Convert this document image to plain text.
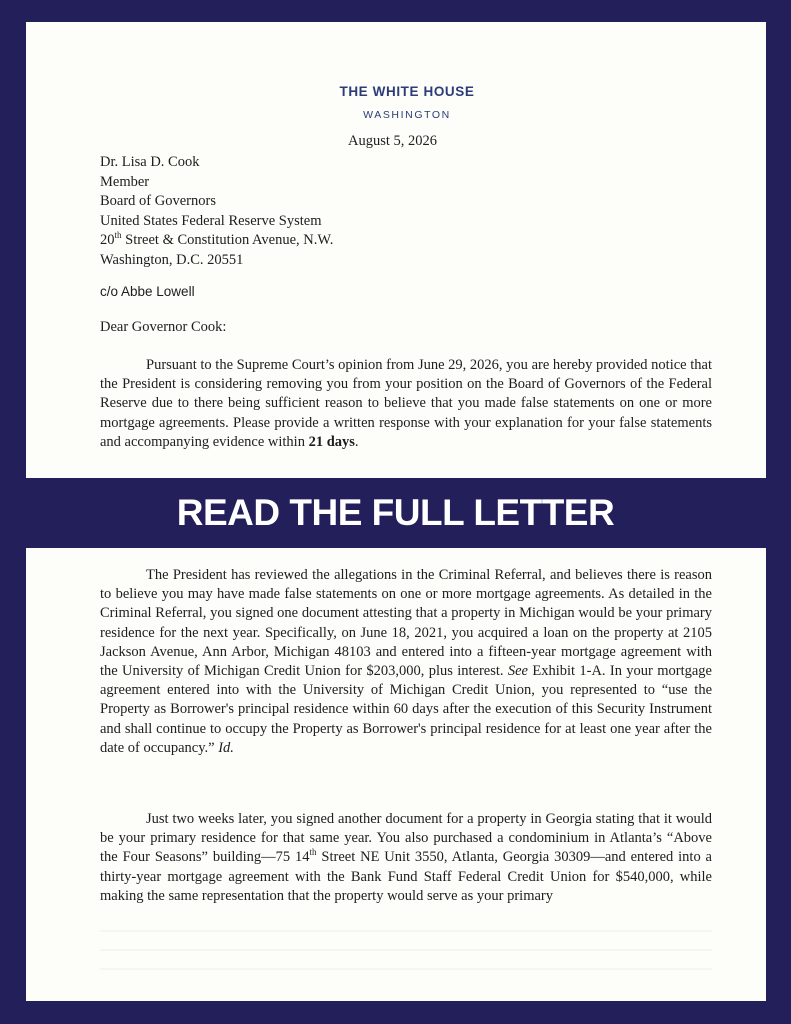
THE WHITE HOUSE
WASHINGTON
August 5, 2026
Dr. Lisa D. Cook
Member
Board of Governors
United States Federal Reserve System
20th Street & Constitution Avenue, N.W.
Washington, D.C. 20551
c/o Abbe Lowell
Dear Governor Cook:
Pursuant to the Supreme Court’s opinion from June 29, 2026, you are hereby provided notice that the President is considering removing you from your position on the Board of Governors of the Federal Reserve due to there being sufficient reason to believe that you made false statements on one or more mortgage agreements. Please provide a written response with your explanation for your false statements and accompanying evidence within 21 days.
READ THE FULL LETTER
The President has reviewed the allegations in the Criminal Referral, and believes there is reason to believe you may have made false statements on one or more mortgage agreements. As detailed in the Criminal Referral, you signed one document attesting that a property in Michigan would be your primary residence for the next year. Specifically, on June 18, 2021, you acquired a loan on the property at 2105 Jackson Avenue, Ann Arbor, Michigan 48103 and entered into a fifteen-year mortgage agreement with the University of Michigan Credit Union for $203,000, plus interest. See Exhibit 1-A. In your mortgage agreement entered into with the University of Michigan Credit Union, you represented to “use the Property as Borrower's principal residence within 60 days after the execution of this Security Instrument and shall continue to occupy the Property as Borrower's principal residence for at least one year after the date of occupancy.” Id.
Just two weeks later, you signed another document for a property in Georgia stating that it would be your primary residence for that same year. You also purchased a condominium in Atlanta’s “Above the Four Seasons” building—75 14th Street NE Unit 3550, Atlanta, Georgia 30309—and entered into a thirty-year mortgage agreement with the Bank Fund Staff Federal Credit Union for $540,000, while making the same representation that the property would serve as your primary
